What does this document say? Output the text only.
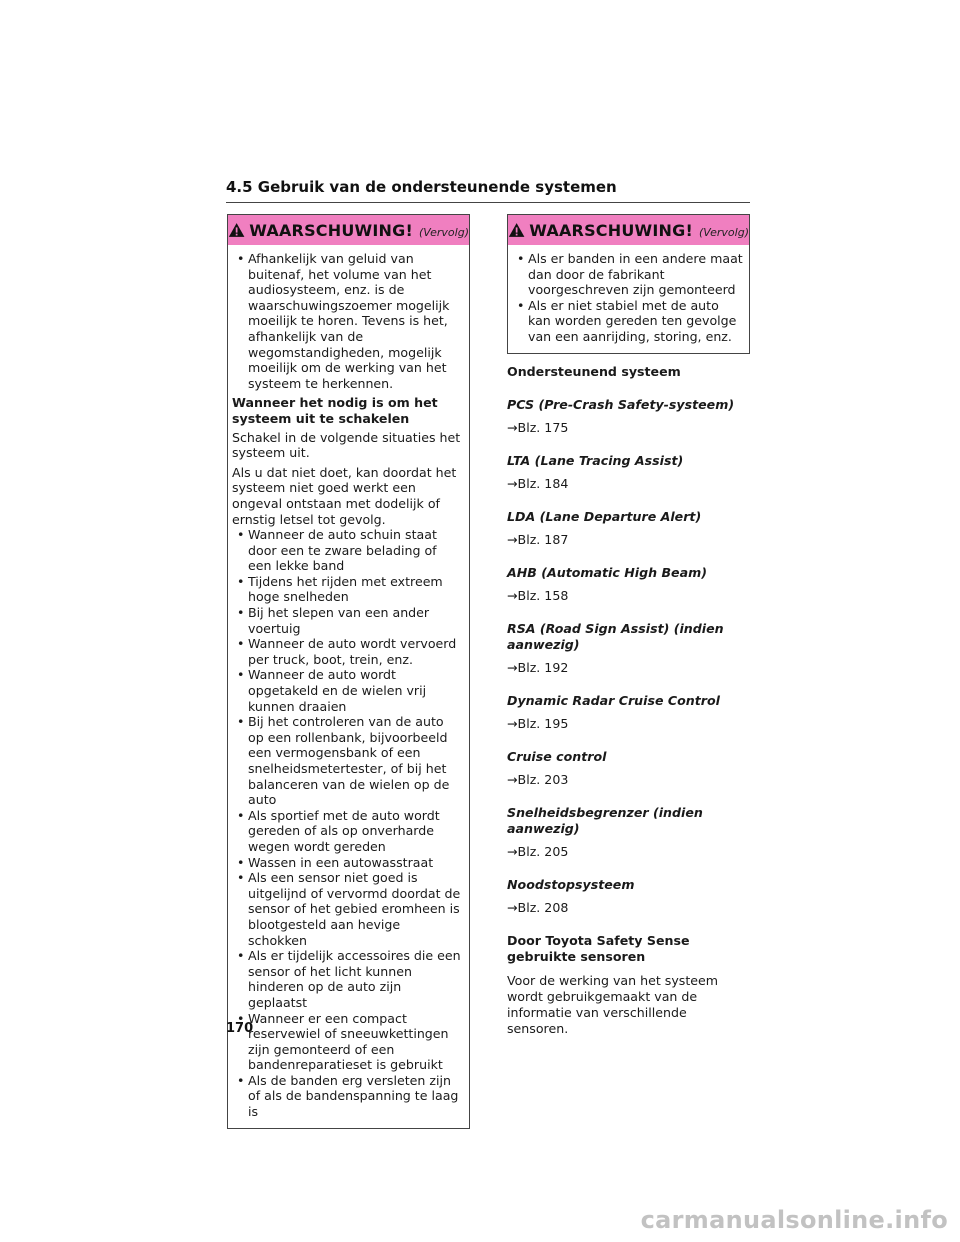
4.5 Gebruik van de ondersteunende systemen
WAARSCHUWING! (Vervolg)

• Afhankelijk van geluid van buitenaf, het volume van het audiosysteem, enz. is de waarschuwingszoemer mogelijk moeilijk te horen. Tevens is het, afhankelijk van de wegomstandigheden, mogelijk moeilijk om de werking van het systeem te herkennen.

Wanneer het nodig is om het systeem uit te schakelen

Schakel in de volgende situaties het systeem uit.

Als u dat niet doet, kan doordat het systeem niet goed werkt een ongeval ontstaan met dodelijk of ernstig letsel tot gevolg.

• Wanneer de auto schuin staat door een te zware belading of een lekke band

• Tijdens het rijden met extreem hoge snelheden

• Bij het slepen van een ander voertuig

• Wanneer de auto wordt vervoerd per truck, boot, trein, enz.

• Wanneer de auto wordt opgetakeld en de wielen vrij kunnen draaien

• Bij het controleren van de auto op een rollenbank, bijvoorbeeld een vermogensbank of een snelheidsmetertester, of bij het balanceren van de wielen op de auto

• Als sportief met de auto wordt gereden of als op onverharde wegen wordt gereden

• Wassen in een autowasstraat

• Als een sensor niet goed is uitgelijnd of vervormd doordat de sensor of het gebied eromheen is blootgesteld aan hevige schokken

• Als er tijdelijk accessoires die een sensor of het licht kunnen hinderen op de auto zijn geplaatst

• Wanneer er een compact reservewiel of sneeuwkettingen zijn gemonteerd of een bandenreparatieset is gebruikt

• Als de banden erg versleten zijn of als de bandenspanning te laag is

WAARSCHUWING! (Vervolg)

• Als er banden in een andere maat dan door de fabrikant voorgeschreven zijn gemonteerd

• Als er niet stabiel met de auto kan worden gereden ten gevolge van een aanrijding, storing, enz.

Ondersteunend systeem

PCS (Pre-Crash Safety-systeem)

→Blz. 175

LTA (Lane Tracing Assist)

→Blz. 184

LDA (Lane Departure Alert)

→Blz. 187

AHB (Automatic High Beam)

→Blz. 158

RSA (Road Sign Assist) (indien aanwezig)

→Blz. 192

Dynamic Radar Cruise Control

→Blz. 195

Cruise control

→Blz. 203

Snelheidsbegrenzer (indien aanwezig)

→Blz. 205

Noodstopsysteem

→Blz. 208

Door Toyota Safety Sense gebruikte sensoren

Voor de werking van het systeem wordt gebruikgemaakt van de informatie van verschillende sensoren.

170
carmanualsonline.info
